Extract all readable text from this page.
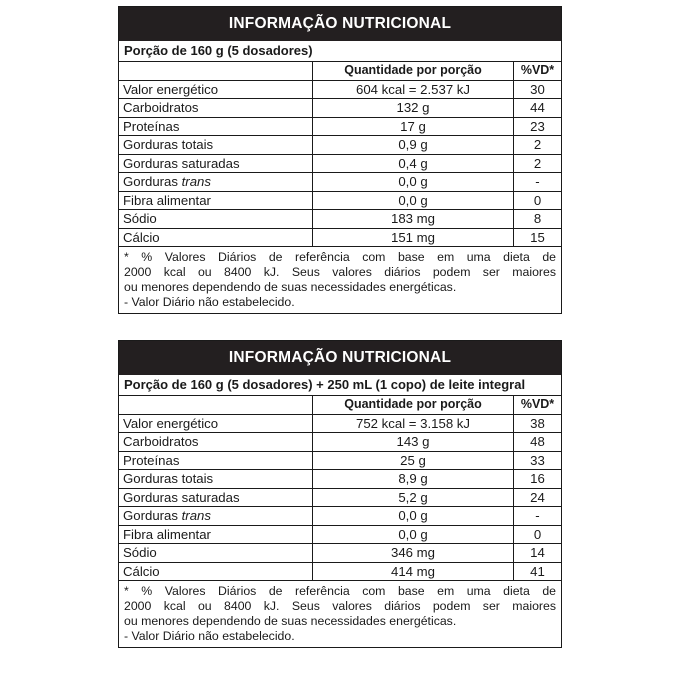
INFORMAÇÃO NUTRICIONAL
Porção de 160 g (5 dosadores)
	Quantidade por porção	%VD*
Valor energético	604 kcal = 2.537 kJ	30
Carboidratos	132 g	44
Proteínas	17 g	23
Gorduras totais	0,9 g	2
Gorduras saturadas	0,4 g	2
Gorduras trans	0,0 g	-
Fibra alimentar	0,0 g	0
Sódio	183 mg	8
Cálcio	151 mg	15
* % Valores Diários de referência com base em uma dieta de
2000 kcal ou 8400 kJ. Seus valores diários podem ser maiores
ou menores dependendo de suas necessidades energéticas.
- Valor Diário não estabelecido.
INFORMAÇÃO NUTRICIONAL
Porção de 160 g (5 dosadores) + 250 mL (1 copo) de leite integral
	Quantidade por porção	%VD*
Valor energético	752 kcal = 3.158 kJ	38
Carboidratos	143 g	48
Proteínas	25 g	33
Gorduras totais	8,9 g	16
Gorduras saturadas	5,2 g	24
Gorduras trans	0,0 g	-
Fibra alimentar	0,0 g	0
Sódio	346 mg	14
Cálcio	414 mg	41
* % Valores Diários de referência com base em uma dieta de
2000 kcal ou 8400 kJ. Seus valores diários podem ser maiores
ou menores dependendo de suas necessidades energéticas.
- Valor Diário não estabelecido.
